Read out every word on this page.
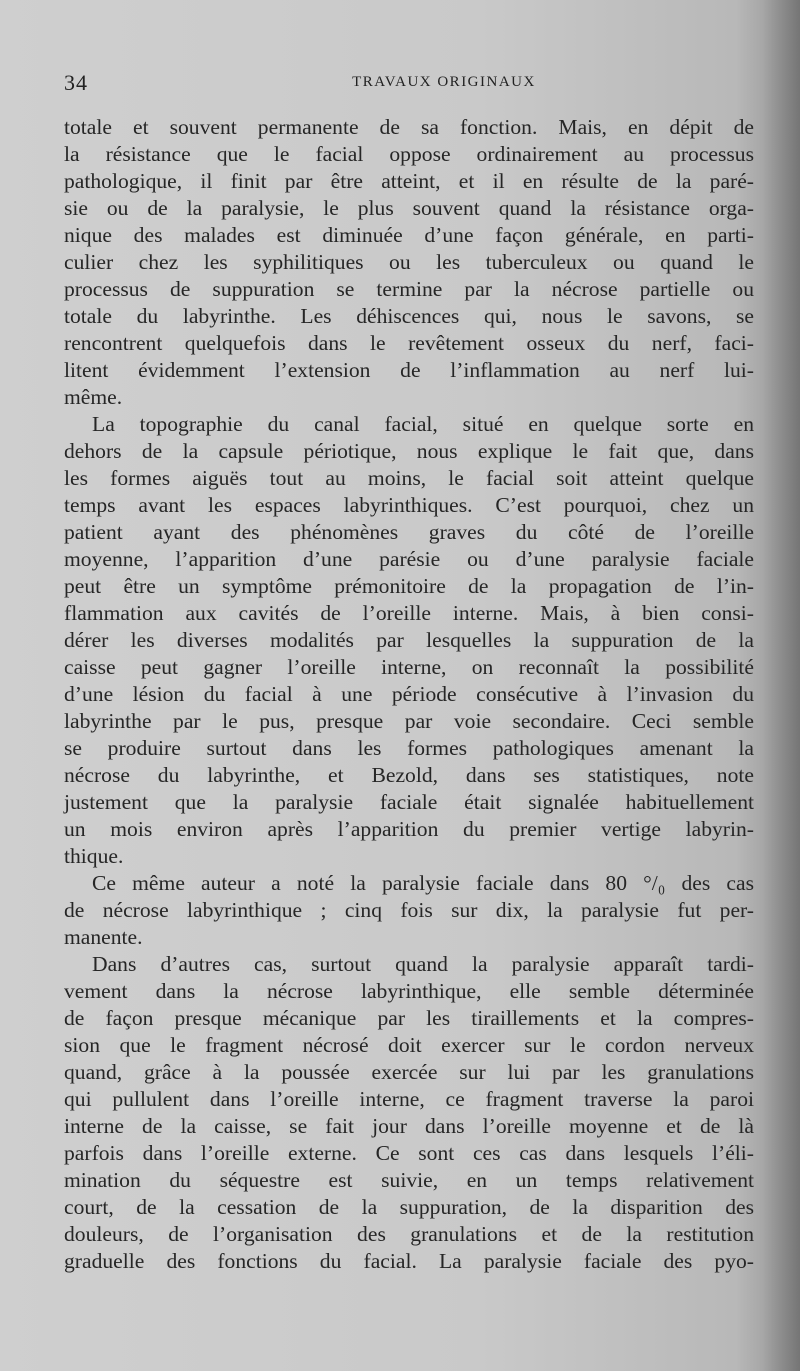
34	TRAVAUX ORIGINAUX
totale et souvent permanente de sa fonction. Mais, en dépit de
la résistance que le facial oppose ordinairement au processus
pathologique, il finit par être atteint, et il en résulte de la paré-
sie ou de la paralysie, le plus souvent quand la résistance orga-
nique des malades est diminuée d’une façon générale, en parti-
culier chez les syphilitiques ou les tuberculeux ou quand le
processus de suppuration se termine par la nécrose partielle ou
totale du labyrinthe. Les déhiscences qui, nous le savons, se
rencontrent quelquefois dans le revêtement osseux du nerf, faci-
litent évidemment l’extension de l’inflammation au nerf lui-
même.
La topographie du canal facial, situé en quelque sorte en
dehors de la capsule périotique, nous explique le fait que, dans
les formes aiguës tout au moins, le facial soit atteint quelque
temps avant les espaces labyrinthiques. C’est pourquoi, chez un
patient ayant des phénomènes graves du côté de l’oreille
moyenne, l’apparition d’une parésie ou d’une paralysie faciale
peut être un symptôme prémonitoire de la propagation de l’in-
flammation aux cavités de l’oreille interne. Mais, à bien consi-
dérer les diverses modalités par lesquelles la suppuration de la
caisse peut gagner l’oreille interne, on reconnaît la possibilité
d’une lésion du facial à une période consécutive à l’invasion du
labyrinthe par le pus, presque par voie secondaire. Ceci semble
se produire surtout dans les formes pathologiques amenant la
nécrose du labyrinthe, et Bezold, dans ses statistiques, note
justement que la paralysie faciale était signalée habituellement
un mois environ après l’apparition du premier vertige labyrin-
thique.
Ce même auteur a noté la paralysie faciale dans 80 °/₀ des cas
de nécrose labyrinthique ; cinq fois sur dix, la paralysie fut per-
manente.
Dans d’autres cas, surtout quand la paralysie apparaît tardi-
vement dans la nécrose labyrinthique, elle semble déterminée
de façon presque mécanique par les tiraillements et la compres-
sion que le fragment nécrosé doit exercer sur le cordon nerveux
quand, grâce à la poussée exercée sur lui par les granulations
qui pullulent dans l’oreille interne, ce fragment traverse la paroi
interne de la caisse, se fait jour dans l’oreille moyenne et de là
parfois dans l’oreille externe. Ce sont ces cas dans lesquels l’éli-
mination du séquestre est suivie, en un temps relativement
court, de la cessation de la suppuration, de la disparition des
douleurs, de l’organisation des granulations et de la restitution
graduelle des fonctions du facial. La paralysie faciale des pyo-
